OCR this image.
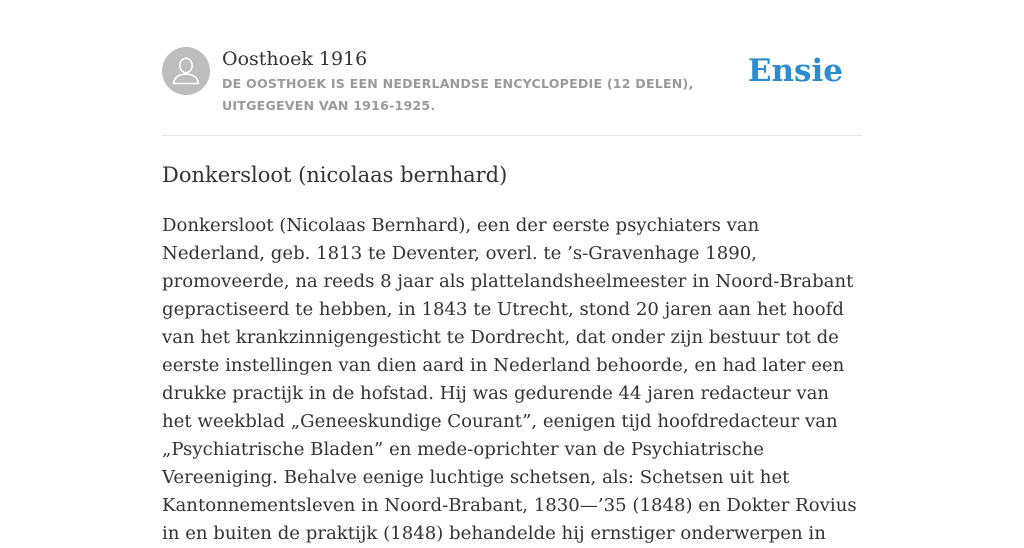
Oosthoek 1916
DE OOSTHOEK IS EEN NEDERLANDSE ENCYCLOPEDIE (12 DELEN), UITGEGEVEN VAN 1916-1925.
Ensie
Donkersloot (nicolaas bernhard)

Donkersloot (Nicolaas Bernhard), een der eerste psychiaters van Nederland, geb. 1813 te Deventer, overl. te ’s-Gravenhage 1890, promoveerde, na reeds 8 jaar als plattelandsheelmeester in Noord-Brabant gepractiseerd te hebben, in 1843 te Utrecht, stond 20 jaren aan het hoofd van het krankzinnigengesticht te Dordrecht, dat onder zijn bestuur tot de eerste instellingen van dien aard in Nederland behoorde, en had later een drukke practijk in de hofstad. Hij was gedurende 44 jaren redacteur van het weekblad „Geneeskundige Courant”, eenigen tijd hoofdredacteur van „Psychiatrische Bladen” en mede-oprichter van de Psychiatrische Vereeniging. Behalve eenige luchtige schetsen, als: Schetsen uit het Kantonnementsleven in Noord-Brabant, 1830—’35 (1848) en Dokter Rovius in en buiten de praktijk (1848) behandelde hij ernstiger onderwerpen in
